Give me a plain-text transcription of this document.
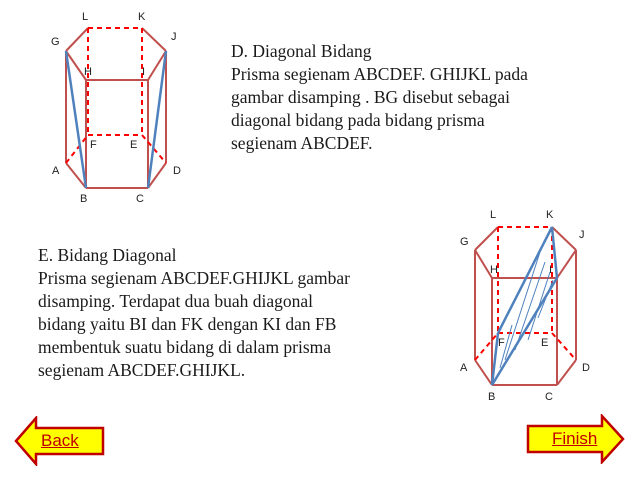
L	K
G	J
H	I
F	E
A	D
B	C
L	K
G
J
H	I
F	E
A	D
B	C
D. Diagonal Bidang
Prisma segienam ABCDEF. GHIJKL pada
gambar disamping . BG disebut sebagai
diagonal bidang pada bidang prisma
segienam ABCDEF.
E. Bidang Diagonal
Prisma segienam ABCDEF.GHIJKL gambar
disamping. Terdapat dua buah diagonal
bidang yaitu BI dan FK dengan KI dan FB
membentuk suatu bidang di dalam prisma
segienam ABCDEF.GHIJKL.
Back	Finish
